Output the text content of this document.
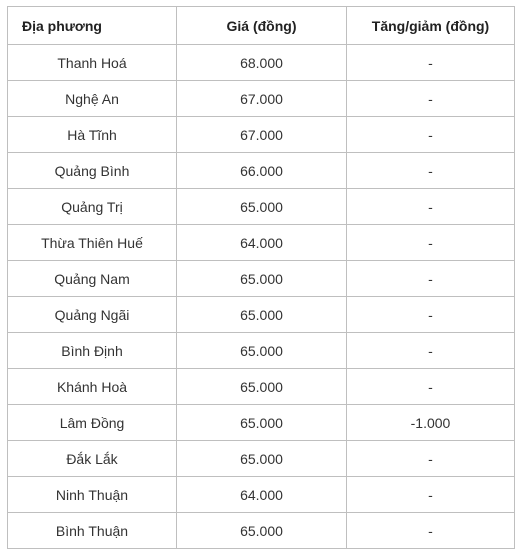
Địa phương	Giá (đồng)	Tăng/giảm (đồng)
Thanh Hoá	68.000	-
Nghệ An	67.000	-
Hà Tĩnh	67.000	-
Quảng Bình	66.000	-
Quảng Trị	65.000	-
Thừa Thiên Huế	64.000	-
Quảng Nam	65.000	-
Quảng Ngãi	65.000	-
Bình Định	65.000	-
Khánh Hoà	65.000	-
Lâm Đồng	65.000	-1.000
Đắk Lắk	65.000	-
Ninh Thuận	64.000	-
Bình Thuận	65.000	-
